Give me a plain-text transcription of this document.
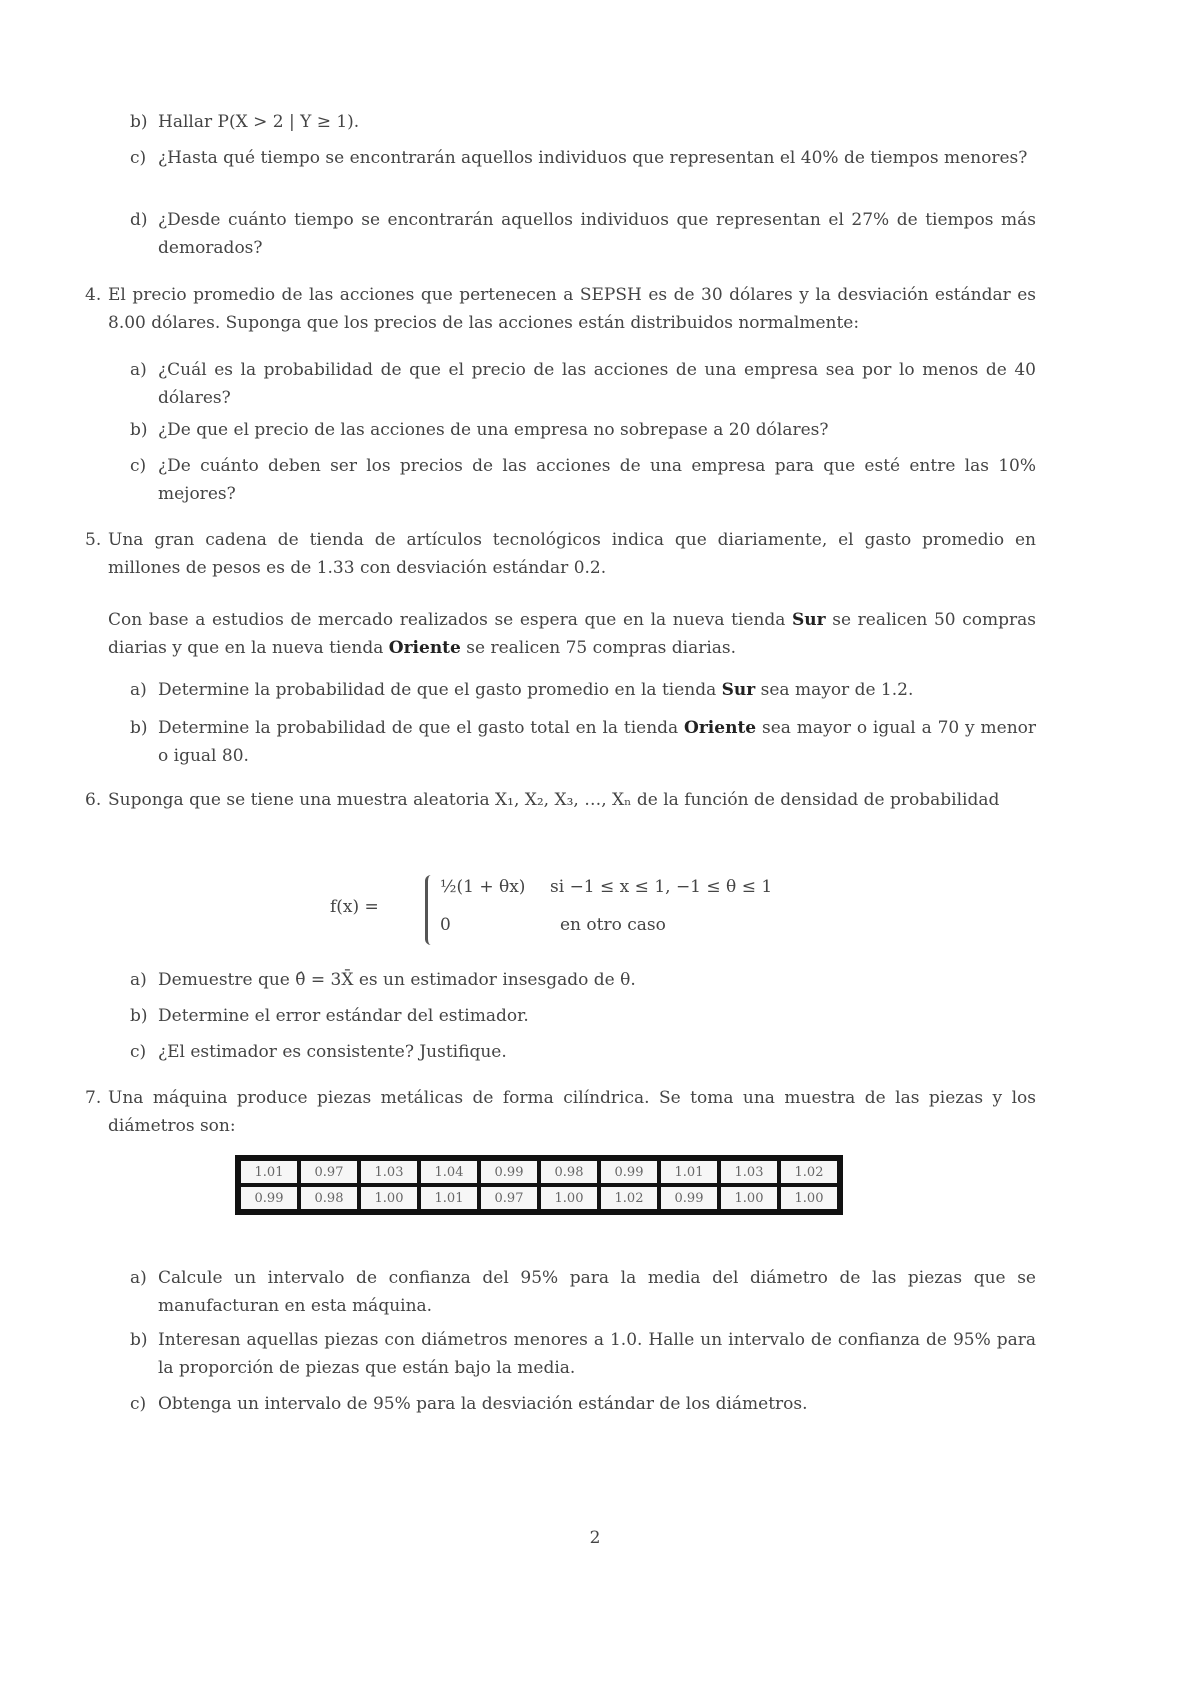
b) Hallar P(X > 2 | Y ≥ 1).
c) ¿Hasta qué tiempo se encontrarán aquellos individuos que representan el 40% de tiempos menores?
d) ¿Desde cuánto tiempo se encontrarán aquellos individuos que representan el 27% de tiempos más demorados?
4. El precio promedio de las acciones que pertenecen a SEPSH es de 30 dólares y la desviación estándar es 8.00 dólares. Suponga que los precios de las acciones están distribuidos normalmente:
a) ¿Cuál es la probabilidad de que el precio de las acciones de una empresa sea por lo menos de 40 dólares?
b) ¿De que el precio de las acciones de una empresa no sobrepase a 20 dólares?
c) ¿De cuánto deben ser los precios de las acciones de una empresa para que esté entre las 10% mejores?
5. Una gran cadena de tienda de artículos tecnológicos indica que diariamente, el gasto promedio en millones de pesos es de 1.33 con desviación estándar 0.2.
Con base a estudios de mercado realizados se espera que en la nueva tienda Sur se realicen 50 compras diarias y que en la nueva tienda Oriente se realicen 75 compras diarias.
a) Determine la probabilidad de que el gasto promedio en la tienda Sur sea mayor de 1.2.
b) Determine la probabilidad de que el gasto total en la tienda Oriente sea mayor o igual a 70 y menor o igual 80.
6. Suponga que se tiene una muestra aleatoria X₁, X₂, X₃, …, Xₙ de la función de densidad de probabilidad
f(x) =
½(1 + θx) si −1 ≤ x ≤ 1, −1 ≤ θ ≤ 1
0	en otro caso
a) Demuestre que θ̂ = 3X̄ es un estimador insesgado de θ.
b) Determine el error estándar del estimador.
c) ¿El estimador es consistente? Justifique.
7. Una máquina produce piezas metálicas de forma cilíndrica. Se toma una muestra de las piezas y los diámetros son:
1.01	0.97	1.03	1.04	0.99	0.98	0.99	1.01	1.03	1.02
0.99	0.98	1.00	1.01	0.97	1.00	1.02	0.99	1.00	1.00
a) Calcule un intervalo de confianza del 95% para la media del diámetro de las piezas que se manufacturan en esta máquina.
b) Interesan aquellas piezas con diámetros menores a 1.0. Halle un intervalo de confianza de 95% para la proporción de piezas que están bajo la media.
c) Obtenga un intervalo de 95% para la desviación estándar de los diámetros.
2
